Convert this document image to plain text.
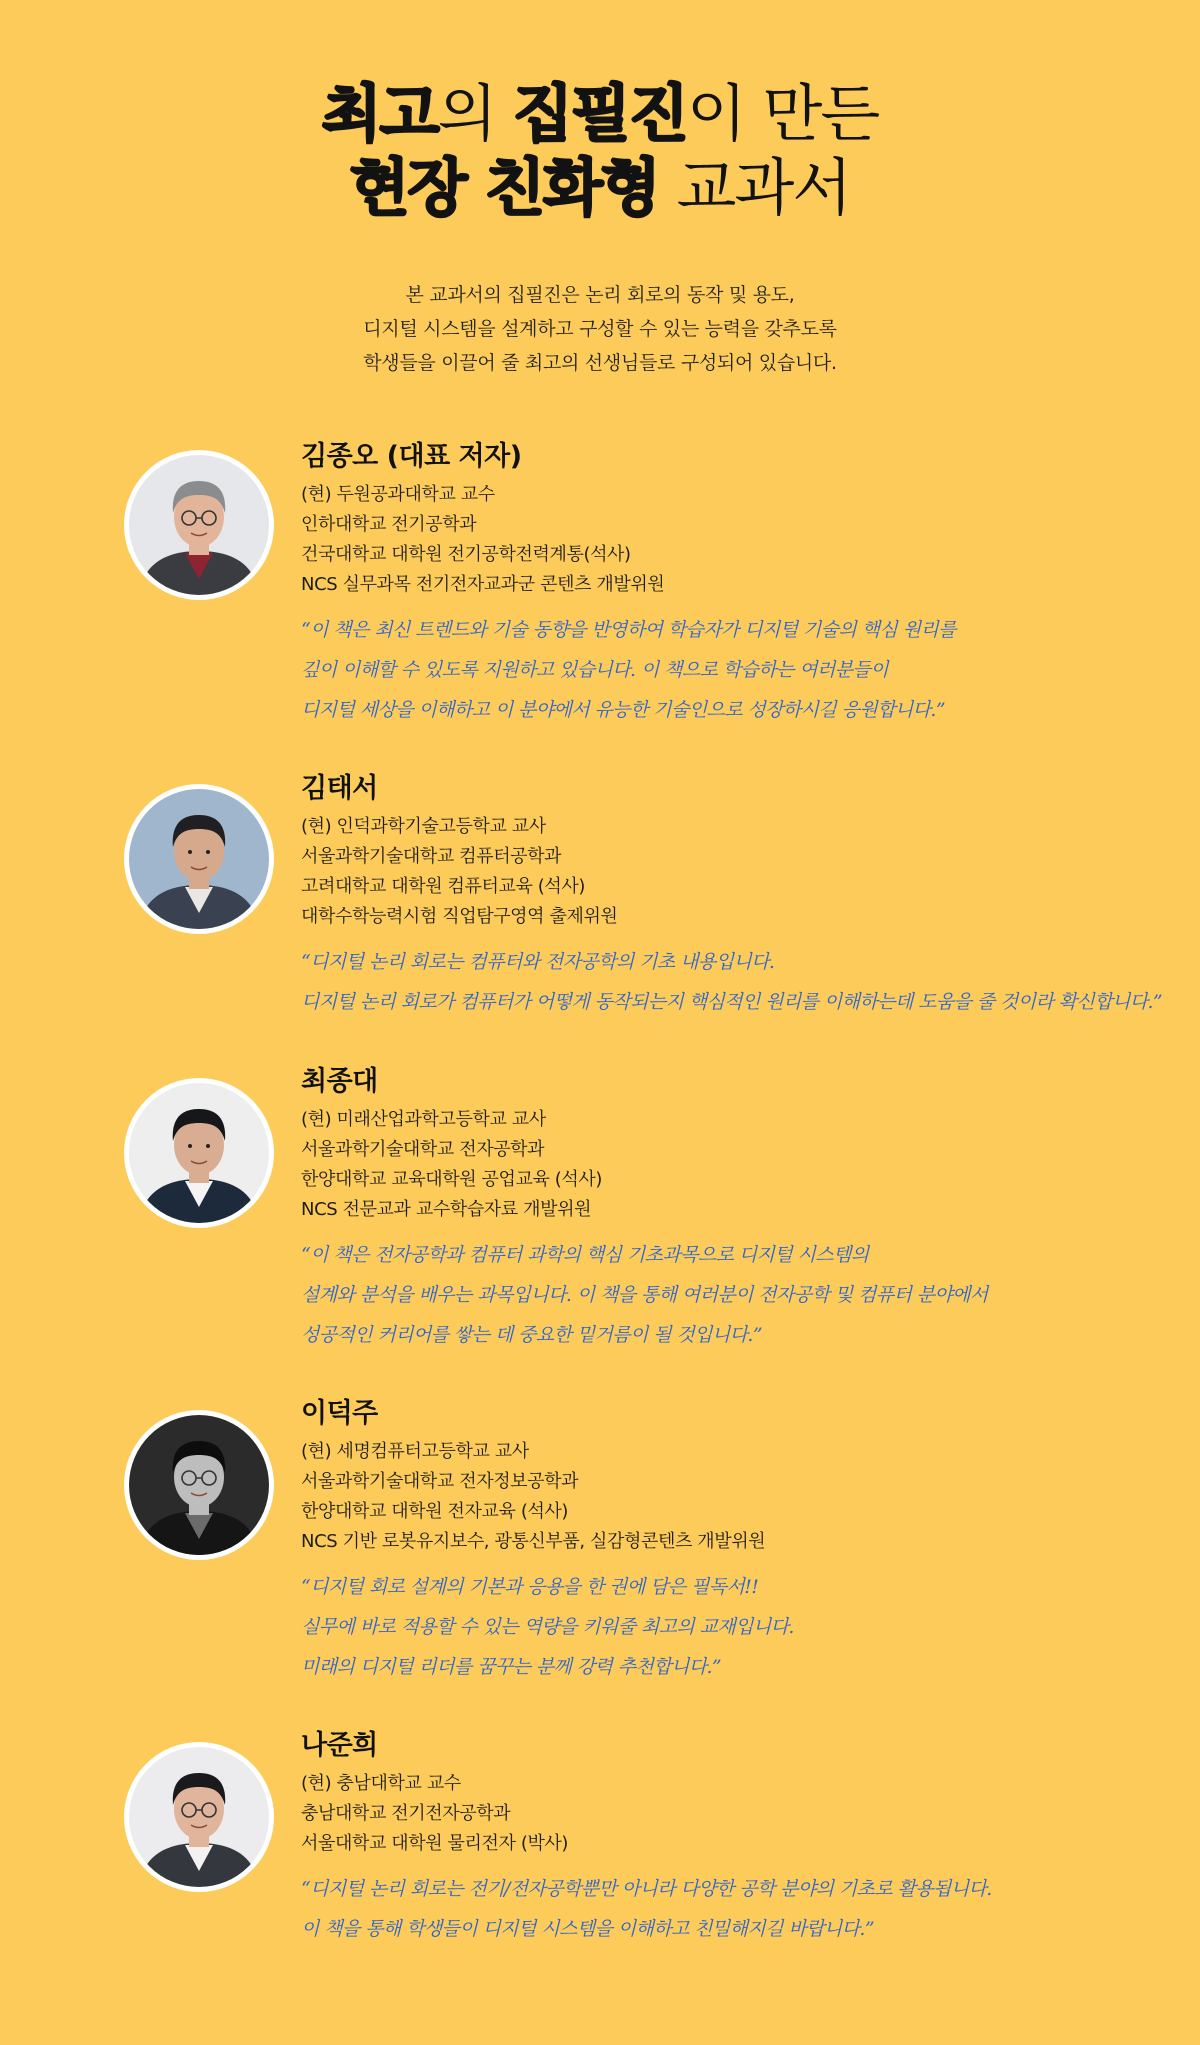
최고의 집필진이 만든
현장 친화형 교과서

본 교과서의 집필진은 논리 회로의 동작 및 용도,

디지털 시스템을 설계하고 구성할 수 있는 능력을 갖추도록

학생들을 이끌어 줄 최고의 선생님들로 구성되어 있습니다.

김종오 (대표 저자)
(현) 두원공과대학교 교수
인하대학교 전기공학과
건국대학교 대학원 전기공학전력계통(석사)
NCS 실무과목 전기전자교과군 콘텐츠 개발위원
“이 책은 최신 트렌드와 기술 동향을 반영하여 학습자가 디지털 기술의 핵심 원리를
깊이 이해할 수 있도록 지원하고 있습니다. 이 책으로 학습하는 여러분들이
디지털 세상을 이해하고 이 분야에서 유능한 기술인으로 성장하시길 응원합니다.”
김태서
(현) 인덕과학기술고등학교 교사
서울과학기술대학교 컴퓨터공학과
고려대학교 대학원 컴퓨터교육 (석사)
대학수학능력시험 직업탐구영역 출제위원
“디지털 논리 회로는 컴퓨터와 전자공학의 기초 내용입니다.
디지털 논리 회로가 컴퓨터가 어떻게 동작되는지 핵심적인 원리를 이해하는데 도움을 줄 것이라 확신합니다.”
최종대
(현) 미래산업과학고등학교 교사
서울과학기술대학교 전자공학과
한양대학교 교육대학원 공업교육 (석사)
NCS 전문교과 교수학습자료 개발위원
“이 책은 전자공학과 컴퓨터 과학의 핵심 기초과목으로 디지털 시스템의
설계와 분석을 배우는 과목입니다. 이 책을 통해 여러분이 전자공학 및 컴퓨터 분야에서
성공적인 커리어를 쌓는 데 중요한 밑거름이 될 것입니다.”
이덕주
(현) 세명컴퓨터고등학교 교사
서울과학기술대학교 전자정보공학과
한양대학교 대학원 전자교육 (석사)
NCS 기반 로봇유지보수, 광통신부품, 실감형콘텐츠 개발위원
“디지털 회로 설계의 기본과 응용을 한 권에 담은 필독서!!
실무에 바로 적용할 수 있는 역량을 키워줄 최고의 교재입니다.
미래의 디지털 리더를 꿈꾸는 분께 강력 추천합니다.”
나준희
(현) 충남대학교 교수
충남대학교 전기전자공학과
서울대학교 대학원 물리전자 (박사)
“디지털 논리 회로는 전기/전자공학뿐만 아니라 다양한 공학 분야의 기초로 활용됩니다.
이 책을 통해 학생들이 디지털 시스템을 이해하고 친밀해지길 바랍니다.”
